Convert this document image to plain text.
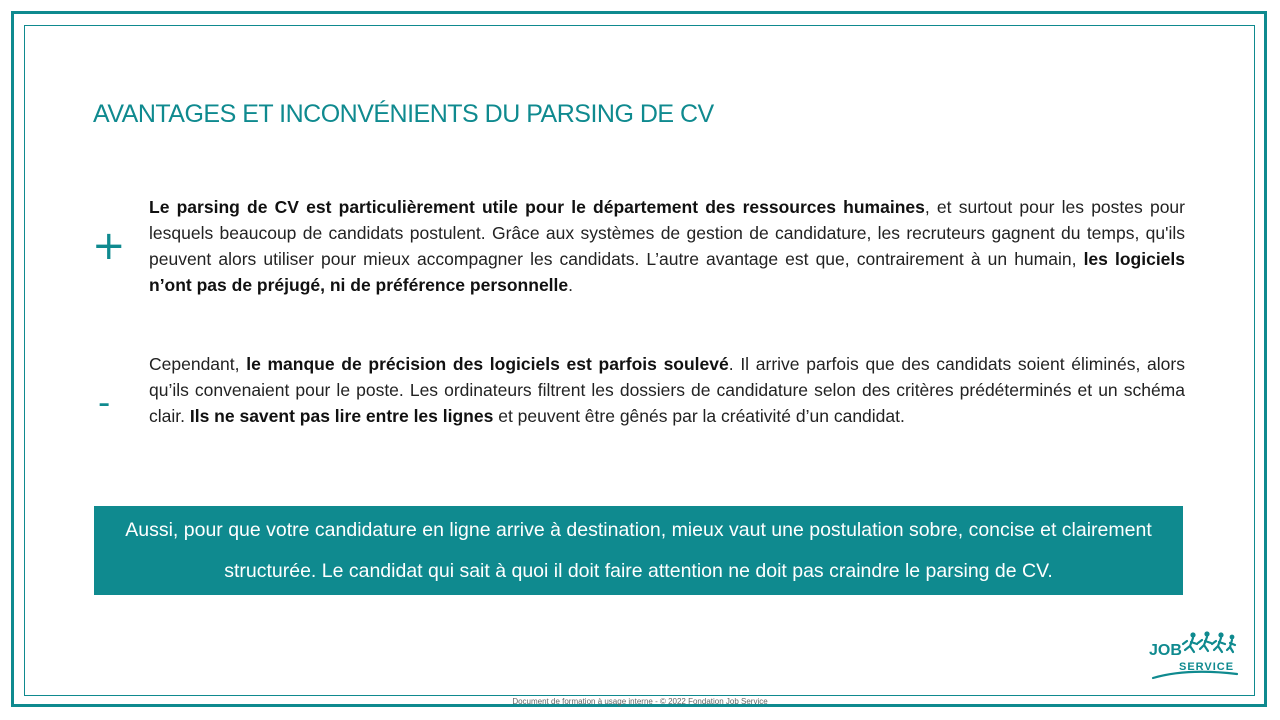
AVANTAGES ET INCONVÉNIENTS DU PARSING DE CV
+
Le parsing de CV est particulièrement utile pour le département des ressources humaines, et surtout pour les postes pour lesquels beaucoup de candidats postulent. Grâce aux systèmes de gestion de candidature, les recruteurs gagnent du temps, qu'ils peuvent alors utiliser pour mieux accompagner les candidats. L’autre avantage est que, contrairement à un humain, les logiciels n’ont pas de préjugé, ni de préférence personnelle.
-
Cependant, le manque de précision des logiciels est parfois soulevé. Il arrive parfois que des candidats soient éliminés, alors qu’ils convenaient pour le poste. Les ordinateurs filtrent les dossiers de candidature selon des critères prédéterminés et un schéma clair. Ils ne savent pas lire entre les lignes et peuvent être gênés par la créativité d’un candidat.
Aussi, pour que votre candidature en ligne arrive à destination, mieux vaut une postulation sobre, concise et clairement structurée. Le candidat qui sait à quoi il doit faire attention ne doit pas craindre le parsing de CV.
JOB
SERVICE
Document de formation à usage interne - © 2022 Fondation Job Service
